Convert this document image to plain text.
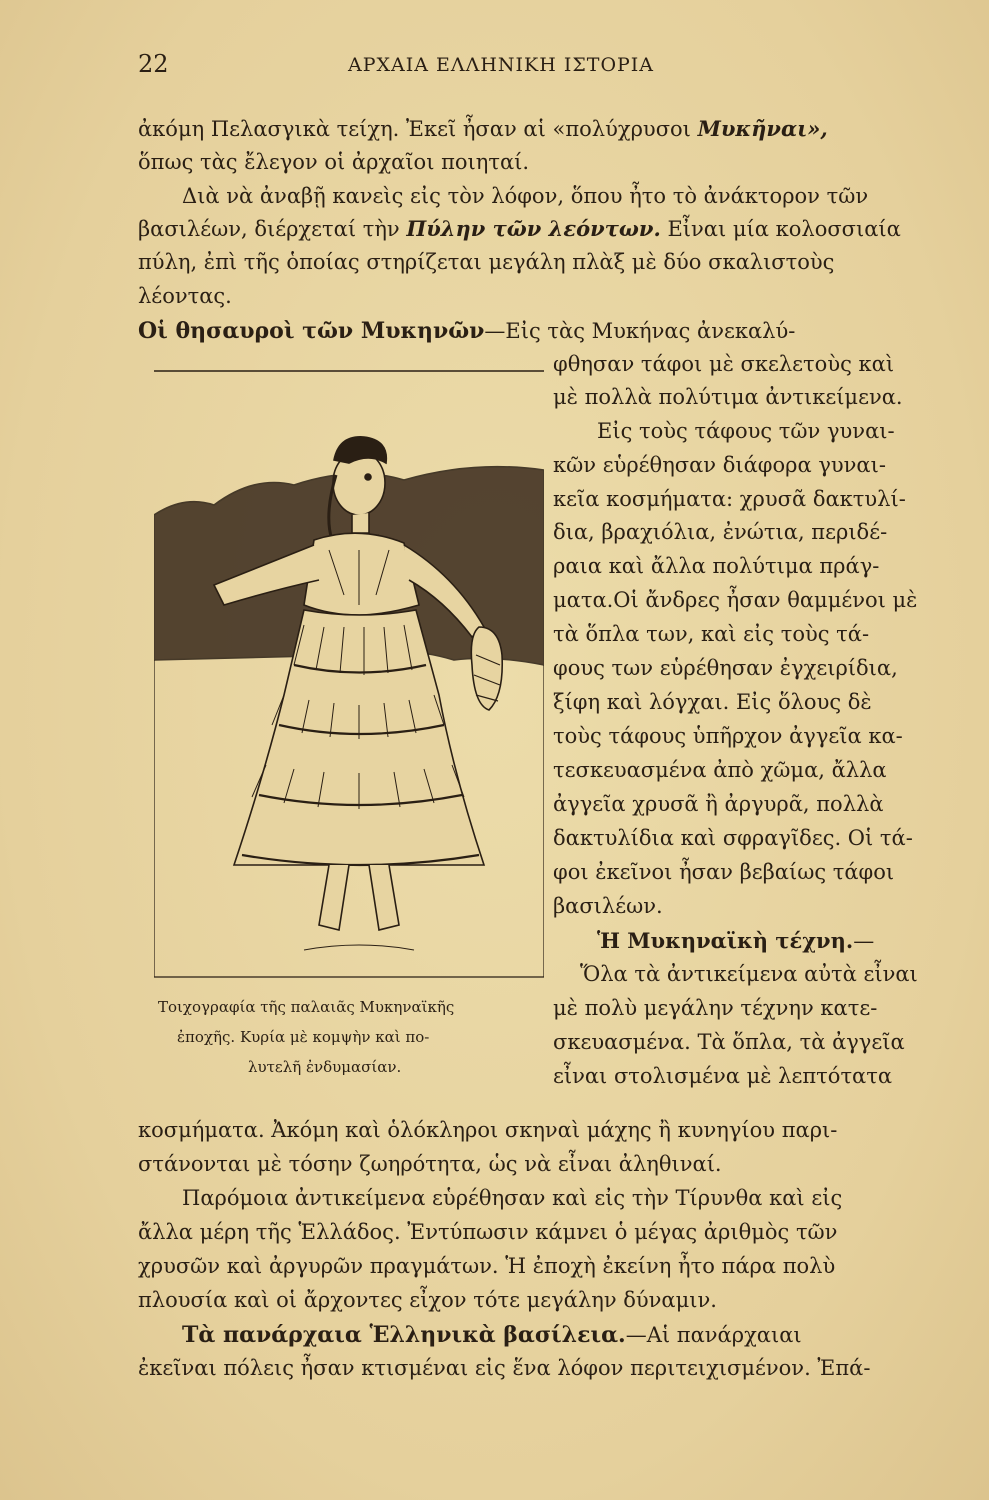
22	ΑΡΧΑΙΑ ΕΛΛΗΝΙΚΗ ΙΣΤΟΡΙΑ
ἀκόμη Πελασγικὰ τείχη. Ἐκεῖ ἦσαν αἱ «πολύχρυσοι Μυκῆναι»,
ὅπως τὰς ἔλεγον οἱ ἀρχαῖοι ποιηταί.
Διὰ νὰ ἀναβῇ κανεὶς εἰς τὸν λόφον, ὅπου ἦτο τὸ ἀνάκτορον τῶν
βασιλέων, διέρχεταί τὴν Πύλην τῶν λεόντων. Εἶναι μία κολοσσιαία
πύλη, ἐπὶ τῆς ὁποίας στηρίζεται μεγάλη πλὰξ μὲ δύο σκαλιστοὺς
λέοντας.
Οἱ θησαυροὶ τῶν Μυκηνῶν—Εἰς τὰς Μυκήνας ἀνεκαλύ-
φθησαν τάφοι μὲ σκελετοὺς καὶ
μὲ πολλὰ πολύτιμα ἀντικείμενα.
Εἰς τοὺς τάφους τῶν γυναι-
κῶν εὑρέθησαν διάφορα γυναι-
κεῖα κοσμήματα: χρυσᾶ δακτυλί-
δια, βραχιόλια, ἐνώτια, περιδέ-
ραια καὶ ἄλλα πολύτιμα πράγ-
ματα.Οἱ ἄνδρες ἦσαν θαμμένοι μὲ
τὰ ὅπλα των, καὶ εἰς τοὺς τά-
φους των εὑρέθησαν ἐγχειρίδια,
ξίφη καὶ λόγχαι. Εἰς ὅλους δὲ
τοὺς τάφους ὑπῆρχον ἀγγεῖα κα-
τεσκευασμένα ἀπὸ χῶμα, ἄλλα
ἀγγεῖα χρυσᾶ ἢ ἀργυρᾶ, πολλὰ
δακτυλίδια καὶ σφραγῖδες. Οἱ τά-
φοι ἐκεῖνοι ἦσαν βεβαίως τάφοι
βασιλέων.
Ἡ Μυκηναϊκὴ τέχνη.—
Ὅλα τὰ ἀντικείμενα αὐτὰ εἶναι
μὲ πολὺ μεγάλην τέχνην κατε-
σκευασμένα. Τὰ ὅπλα, τὰ ἀγγεῖα
εἶναι στολισμένα μὲ λεπτότατα
Τοιχογραφία τῆς παλαιᾶς Μυκηναϊκῆς
ἐποχῆς. Κυρία μὲ κομψὴν καὶ πο-
λυτελῆ ἐνδυμασίαν.
κοσμήματα. Ἀκόμη καὶ ὁλόκληροι σκηναὶ μάχης ἢ κυνηγίου παρι-
στάνονται μὲ τόσην ζωηρότητα, ὡς νὰ εἶναι ἀληθιναί.
Παρόμοια ἀντικείμενα εὑρέθησαν καὶ εἰς τὴν Τίρυνθα καὶ εἰς
ἄλλα μέρη τῆς Ἑλλάδος. Ἐντύπωσιν κάμνει ὁ μέγας ἀριθμὸς τῶν
χρυσῶν καὶ ἀργυρῶν πραγμάτων. Ἡ ἐποχὴ ἐκείνη ἦτο πάρα πολὺ
πλουσία καὶ οἱ ἄρχοντες εἶχον τότε μεγάλην δύναμιν.
Τὰ πανάρχαια Ἑλληνικὰ βασίλεια.—Αἱ πανάρχαιαι
ἐκεῖναι πόλεις ἦσαν κτισμέναι εἰς ἕνα λόφον περιτειχισμένον. Ἐπά-
